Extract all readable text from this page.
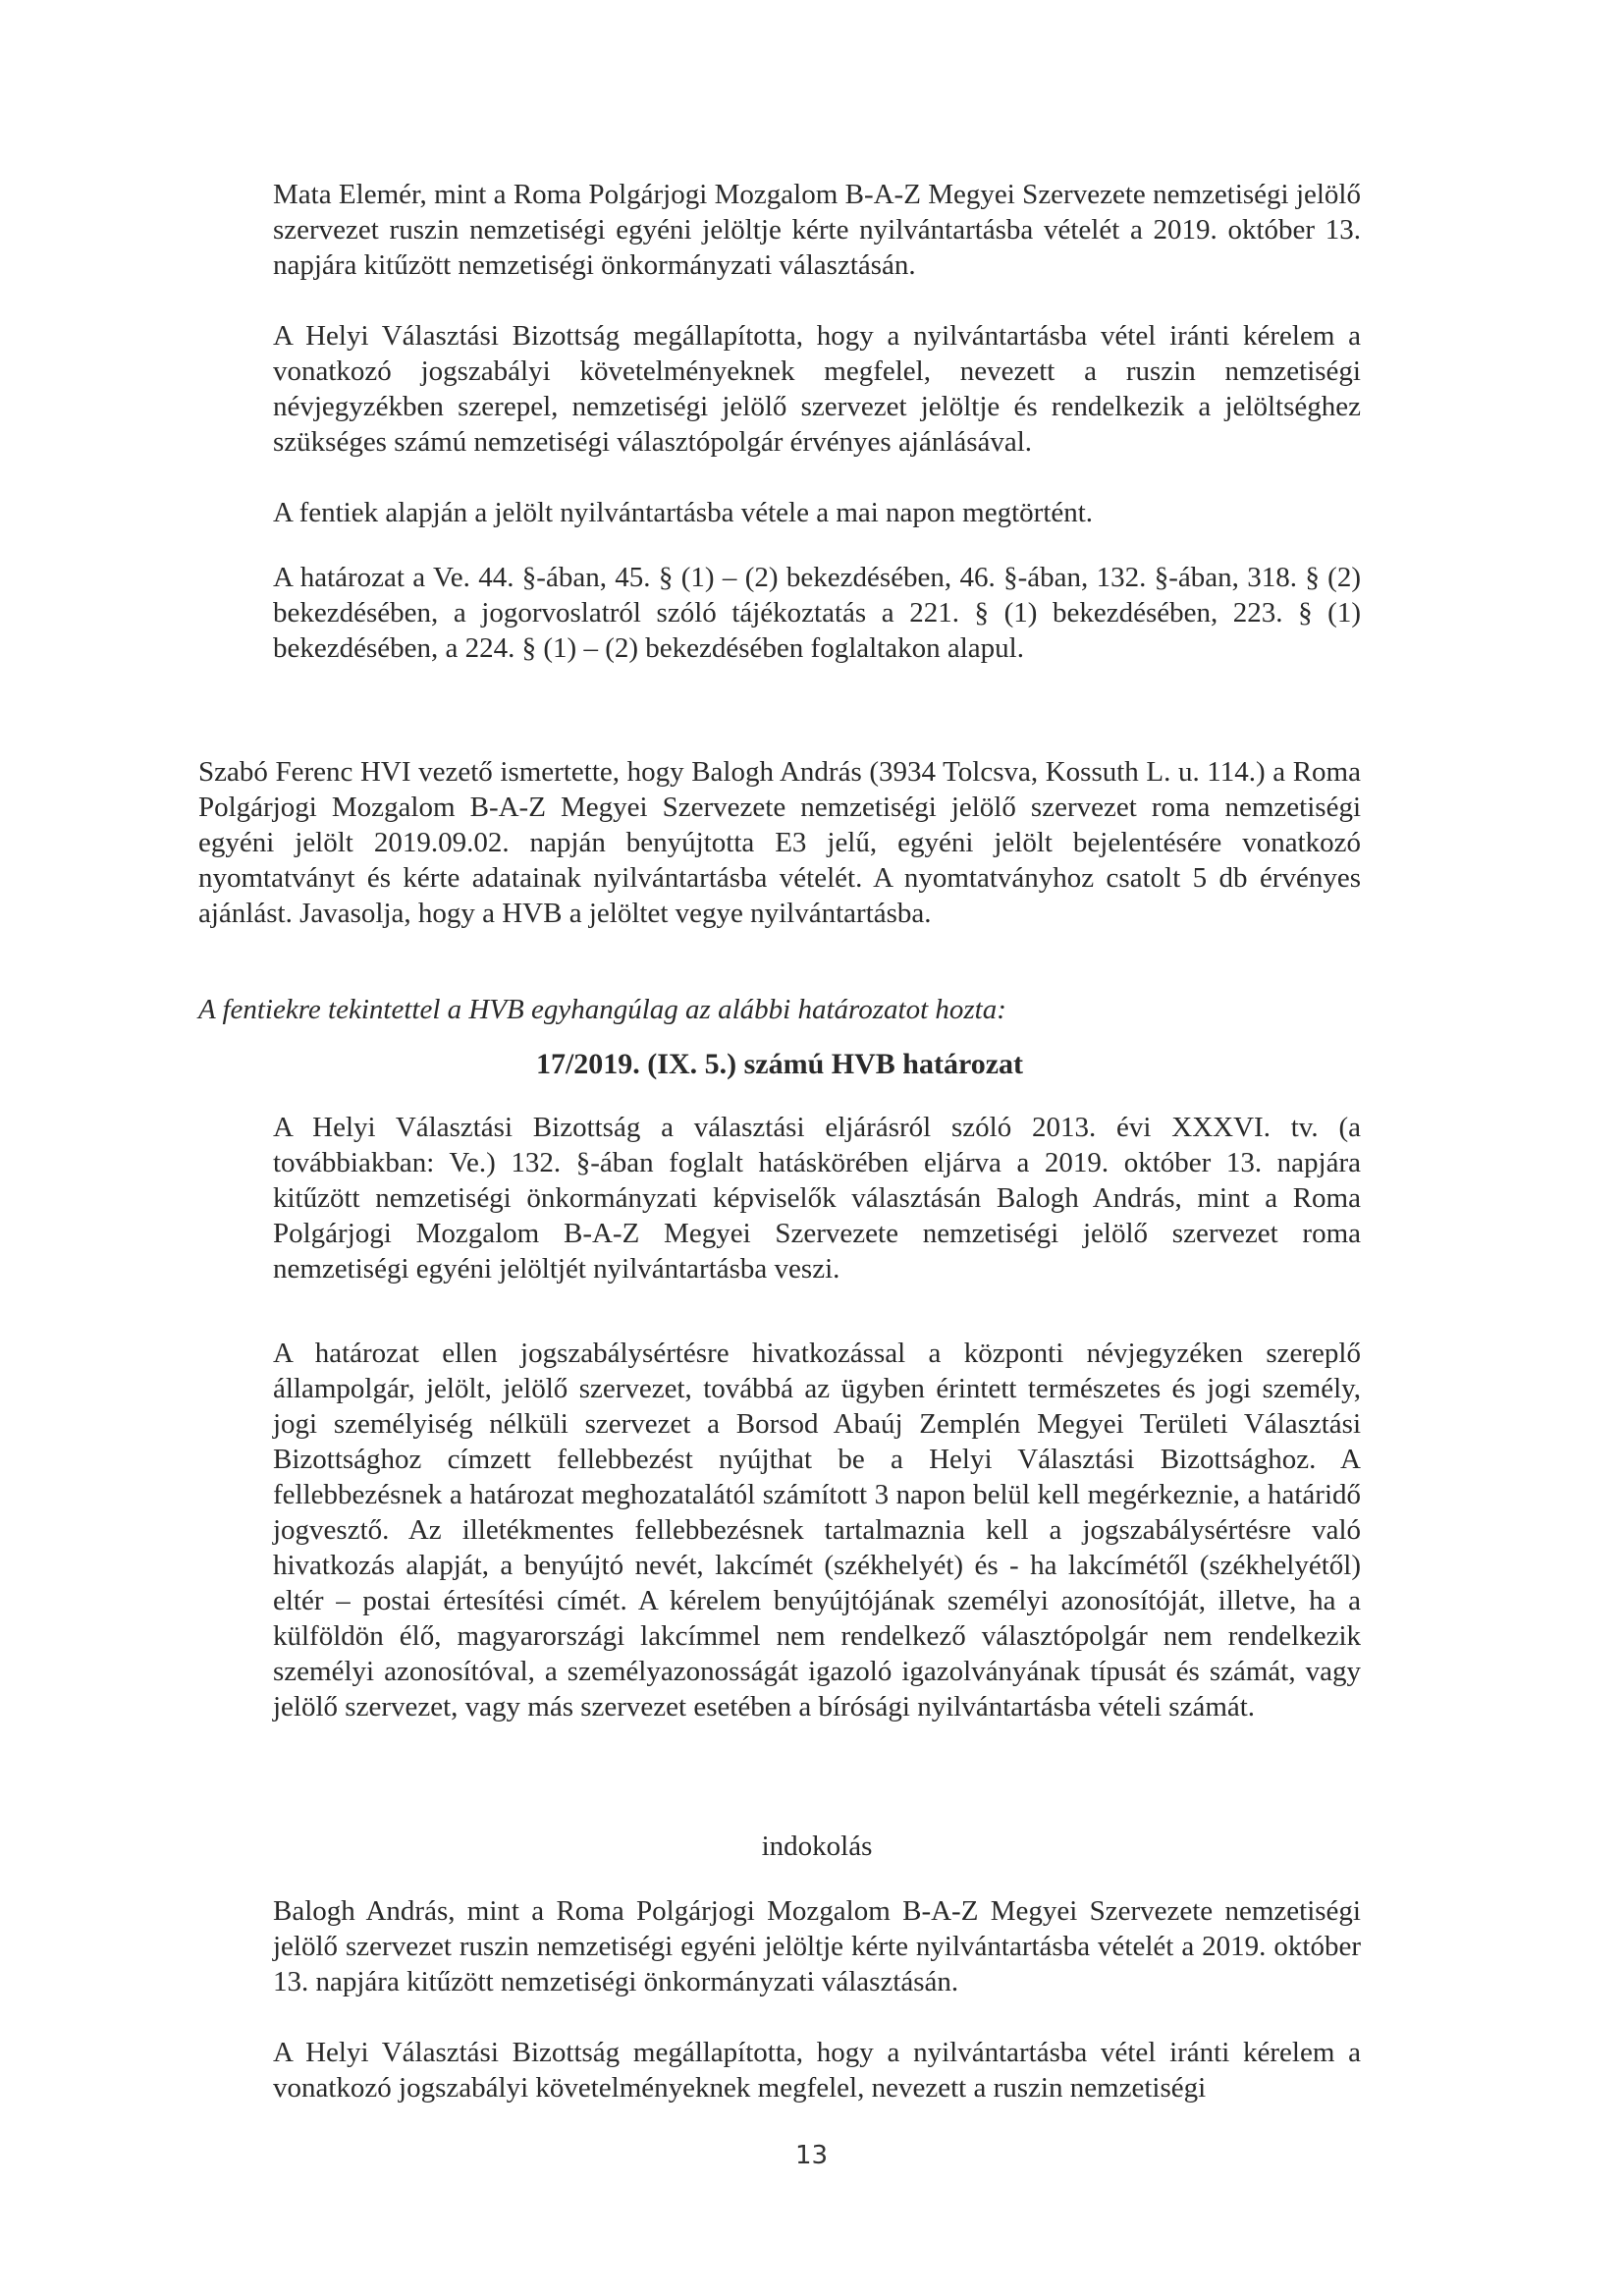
Mata Elemér, mint a Roma Polgárjogi Mozgalom B-A-Z Megyei Szervezete nemzetiségi jelölő szervezet ruszin nemzetiségi egyéni jelöltje kérte nyilvántartásba vételét a 2019. október 13. napjára kitűzött nemzetiségi önkormányzati választásán.

A Helyi Választási Bizottság megállapította, hogy a nyilvántartásba vétel iránti kérelem a vonatkozó jogszabályi követelményeknek megfelel, nevezett a ruszin nemzetiségi névjegyzékben szerepel, nemzetiségi jelölő szervezet jelöltje és rendelkezik a jelöltséghez szükséges számú nemzetiségi választópolgár érvényes ajánlásával.

A fentiek alapján a jelölt nyilvántartásba vétele a mai napon megtörtént.

A határozat a Ve. 44. §-ában, 45. § (1) – (2) bekezdésében, 46. §-ában, 132. §-ában, 318. § (2) bekezdésében, a jogorvoslatról szóló tájékoztatás a 221. § (1) bekezdésében, 223. § (1) bekezdésében, a 224. § (1) – (2) bekezdésében foglaltakon alapul.

Szabó Ferenc HVI vezető ismertette, hogy Balogh András (3934 Tolcsva, Kossuth L. u. 114.) a Roma Polgárjogi Mozgalom B-A-Z Megyei Szervezete nemzetiségi jelölő szervezet roma nemzetiségi egyéni jelölt 2019.09.02. napján benyújtotta E3 jelű, egyéni jelölt bejelentésére vonatkozó nyomtatványt és kérte adatainak nyilvántartásba vételét. A nyomtatványhoz csatolt 5 db érvényes ajánlást. Javasolja, hogy a HVB a jelöltet vegye nyilvántartásba.

A fentiekre tekintettel a HVB egyhangúlag az alábbi határozatot hozta:

17/2019. (IX. 5.) számú HVB határozat

A Helyi Választási Bizottság a választási eljárásról szóló 2013. évi XXXVI. tv. (a továbbiakban: Ve.) 132. §-ában foglalt hatáskörében eljárva a 2019. október 13. napjára kitűzött nemzetiségi önkormányzati képviselők választásán Balogh András, mint a Roma Polgárjogi Mozgalom B-A-Z Megyei Szervezete nemzetiségi jelölő szervezet roma nemzetiségi egyéni jelöltjét nyilvántartásba veszi.

A határozat ellen jogszabálysértésre hivatkozással a központi névjegyzéken szereplő állampolgár, jelölt, jelölő szervezet, továbbá az ügyben érintett természetes és jogi személy, jogi személyiség nélküli szervezet a Borsod Abaúj Zemplén Megyei Területi Választási Bizottsághoz címzett fellebbezést nyújthat be a Helyi Választási Bizottsághoz. A fellebbezésnek a határozat meghozatalától számított 3 napon belül kell megérkeznie, a határidő jogvesztő. Az illetékmentes fellebbezésnek tartalmaznia kell a jogszabálysértésre való hivatkozás alapját, a benyújtó nevét, lakcímét (székhelyét) és - ha lakcímétől (székhelyétől) eltér – postai értesítési címét. A kérelem benyújtójának személyi azonosítóját, illetve, ha a külföldön élő, magyarországi lakcímmel nem rendelkező választópolgár nem rendelkezik személyi azonosítóval, a személyazonosságát igazoló igazolványának típusát és számát, vagy jelölő szervezet, vagy más szervezet esetében a bírósági nyilvántartásba vételi számát.

indokolás

Balogh András, mint a Roma Polgárjogi Mozgalom B-A-Z Megyei Szervezete nemzetiségi jelölő szervezet ruszin nemzetiségi egyéni jelöltje kérte nyilvántartásba vételét a 2019. október 13. napjára kitűzött nemzetiségi önkormányzati választásán.

A Helyi Választási Bizottság megállapította, hogy a nyilvántartásba vétel iránti kérelem a vonatkozó jogszabályi követelményeknek megfelel, nevezett a ruszin nemzetiségi

13
